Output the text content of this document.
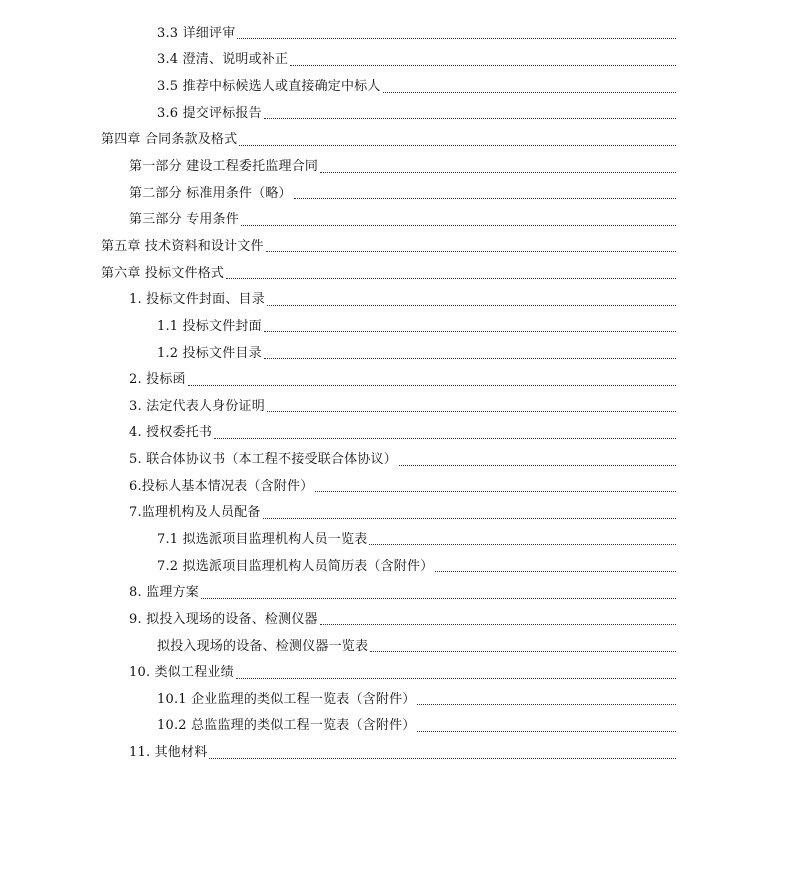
3.3 详细评审
3.4 澄清、说明或补正
3.5 推荐中标候选人或直接确定中标人
3.6 提交评标报告
第四章 合同条款及格式
第一部分 建设工程委托监理合同
第二部分 标准用条件（略）
第三部分 专用条件
第五章 技术资料和设计文件
第六章 投标文件格式
1. 投标文件封面、目录
1.1 投标文件封面
1.2 投标文件目录
2. 投标函
3. 法定代表人身份证明
4. 授权委托书
5. 联合体协议书（本工程不接受联合体协议）
6.投标人基本情况表（含附件）
7.监理机构及人员配备
7.1 拟选派项目监理机构人员一览表
7.2 拟选派项目监理机构人员简历表（含附件）
8. 监理方案
9. 拟投入现场的设备、检测仪器
拟投入现场的设备、检测仪器一览表
10. 类似工程业绩
10.1 企业监理的类似工程一览表（含附件）
10.2 总监监理的类似工程一览表（含附件）
11. 其他材料
